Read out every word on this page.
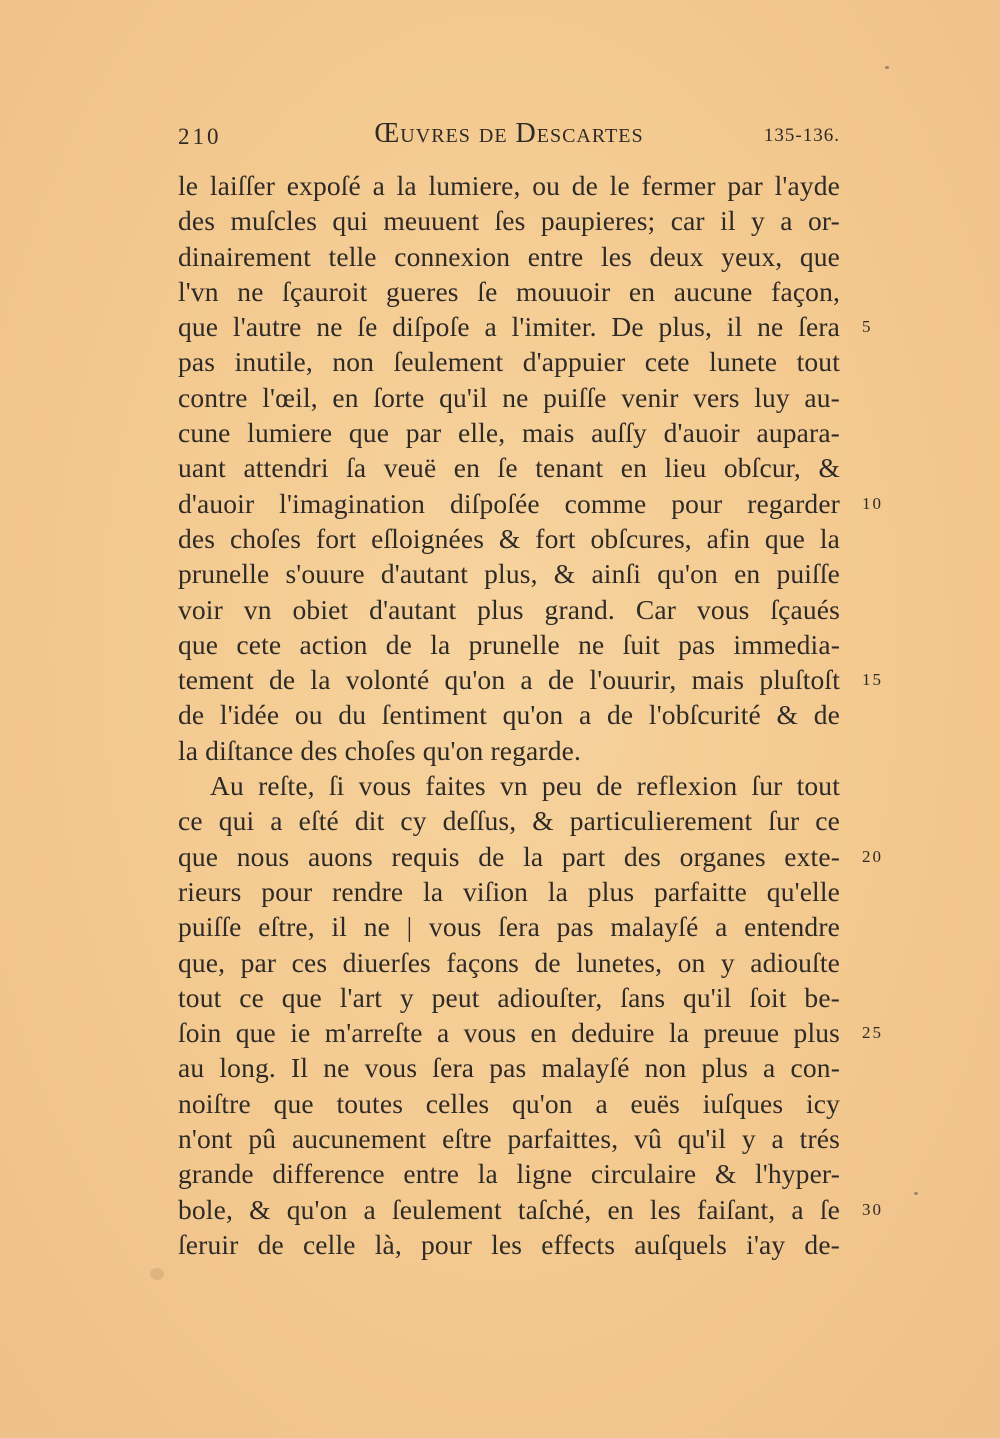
210	Œuvres de Descartes	135-136.
le laiſſer expoſé a la lumiere, ou de le fermer par l'ayde
des muſcles qui meuuent ſes paupieres; car il y a or-
dinairement telle connexion entre les deux yeux, que
l'vn ne ſçauroit gueres ſe mouuoir en aucune façon,
que l'autre ne ſe diſpoſe a l'imiter. De plus, il ne ſera
pas inutile, non ſeulement d'appuier cete lunete tout
contre l'œil, en ſorte qu'il ne puiſſe venir vers luy au-
cune lumiere que par elle, mais auſſy d'auoir aupara-
uant attendri ſa veuë en ſe tenant en lieu obſcur, &
d'auoir l'imagination diſpoſée comme pour regarder
des choſes fort eſloignées & fort obſcures, afin que la
prunelle s'ouure d'autant plus, & ainſi qu'on en puiſſe
voir vn obiet d'autant plus grand. Car vous ſçaués
que cete action de la prunelle ne ſuit pas immedia-
tement de la volonté qu'on a de l'ouurir, mais pluſtoſt
de l'idée ou du ſentiment qu'on a de l'obſcurité & de
la diſtance des choſes qu'on regarde.
Au reſte, ſi vous faites vn peu de reflexion ſur tout
ce qui a eſté dit cy deſſus, & particulierement ſur ce
que nous auons requis de la part des organes exte-
rieurs pour rendre la viſion la plus parfaitte qu'elle
puiſſe eſtre, il ne | vous ſera pas malayſé a entendre
que, par ces diuerſes façons de lunetes, on y adiouſte
tout ce que l'art y peut adiouſter, ſans qu'il ſoit be-
ſoin que ie m'arreſte a vous en deduire la preuue plus
au long. Il ne vous ſera pas malayſé non plus a con-
noiſtre que toutes celles qu'on a euës iuſques icy
n'ont pû aucunement eſtre parfaittes, vû qu'il y a trés
grande difference entre la ligne circulaire & l'hyper-
bole, & qu'on a ſeulement taſché, en les faiſant, a ſe
ſeruir de celle là, pour les effects auſquels i'ay de-
5
10
15
20
25
30
